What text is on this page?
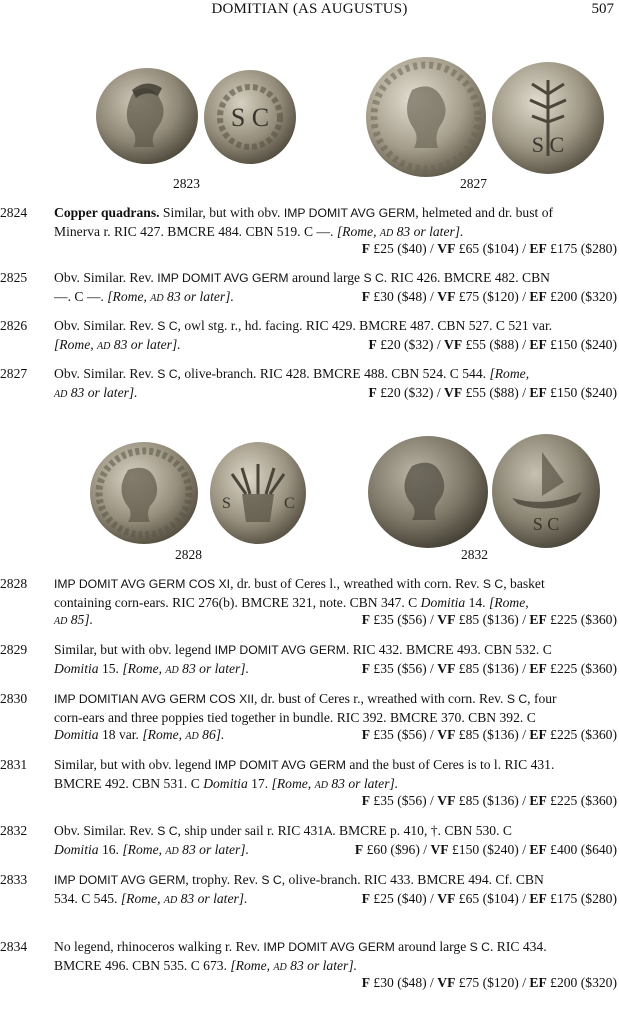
DOMITIAN (AS AUGUSTUS)	507
S C
S C
2823	2827
2824 Copper quadrans. Similar, but with obv. IMP DOMIT AVG GERM, helmeted and dr. bust of
Minerva r. RIC 427. BMCRE 484. CBN 519. C —. [Rome, ad 83 or later].
F £25 ($40) / VF £65 ($104) / EF £175 ($280)
2825 Obv. Similar. Rev. IMP DOMIT AVG GERM around large S C. RIC 426. BMCRE 482. CBN
—. C —. [Rome, ad 83 or later].	F £30 ($48) / VF £75 ($120) / EF £200 ($320)
2826 Obv. Similar. Rev. S C, owl stg. r., hd. facing. RIC 429. BMCRE 487. CBN 527. C 521 var.
[Rome, ad 83 or later].	F £20 ($32) / VF £55 ($88) / EF £150 ($240)
2827 Obv. Similar. Rev. S C, olive-branch. RIC 428. BMCRE 488. CBN 524. C 544. [Rome,
ad 83 or later].	F £20 ($32) / VF £55 ($88) / EF £150 ($240)
S	C
S C
2828	2832
2828 IMP DOMIT AVG GERM COS XI, dr. bust of Ceres l., wreathed with corn. Rev. S C, basket
containing corn-ears. RIC 276(b). BMCRE 321, note. CBN 347. C Domitia 14. [Rome,
ad 85].	F £35 ($56) / VF £85 ($136) / EF £225 ($360)
2829 Similar, but with obv. legend IMP DOMIT AVG GERM. RIC 432. BMCRE 493. CBN 532. C
Domitia 15. [Rome, ad 83 or later].	F £35 ($56) / VF £85 ($136) / EF £225 ($360)
2830 IMP DOMITIAN AVG GERM COS XII, dr. bust of Ceres r., wreathed with corn. Rev. S C, four
corn-ears and three poppies tied together in bundle. RIC 392. BMCRE 370. CBN 392. C
Domitia 18 var. [Rome, ad 86].	F £35 ($56) / VF £85 ($136) / EF £225 ($360)
2831 Similar, but with obv. legend IMP DOMIT AVG GERM and the bust of Ceres is to l. RIC 431.
BMCRE 492. CBN 531. C Domitia 17. [Rome, ad 83 or later].
F £35 ($56) / VF £85 ($136) / EF £225 ($360)
2832 Obv. Similar. Rev. S C, ship under sail r. RIC 431A. BMCRE p. 410, †. CBN 530. C
Domitia 16. [Rome, ad 83 or later].	F £60 ($96) / VF £150 ($240) / EF £400 ($640)
2833 IMP DOMIT AVG GERM, trophy. Rev. S C, olive-branch. RIC 433. BMCRE 494. Cf. CBN
534. C 545. [Rome, ad 83 or later].	F £25 ($40) / VF £65 ($104) / EF £175 ($280)
2834 No legend, rhinoceros walking r. Rev. IMP DOMIT AVG GERM around large S C. RIC 434.
BMCRE 496. CBN 535. C 673. [Rome, ad 83 or later].
F £30 ($48) / VF £75 ($120) / EF £200 ($320)
